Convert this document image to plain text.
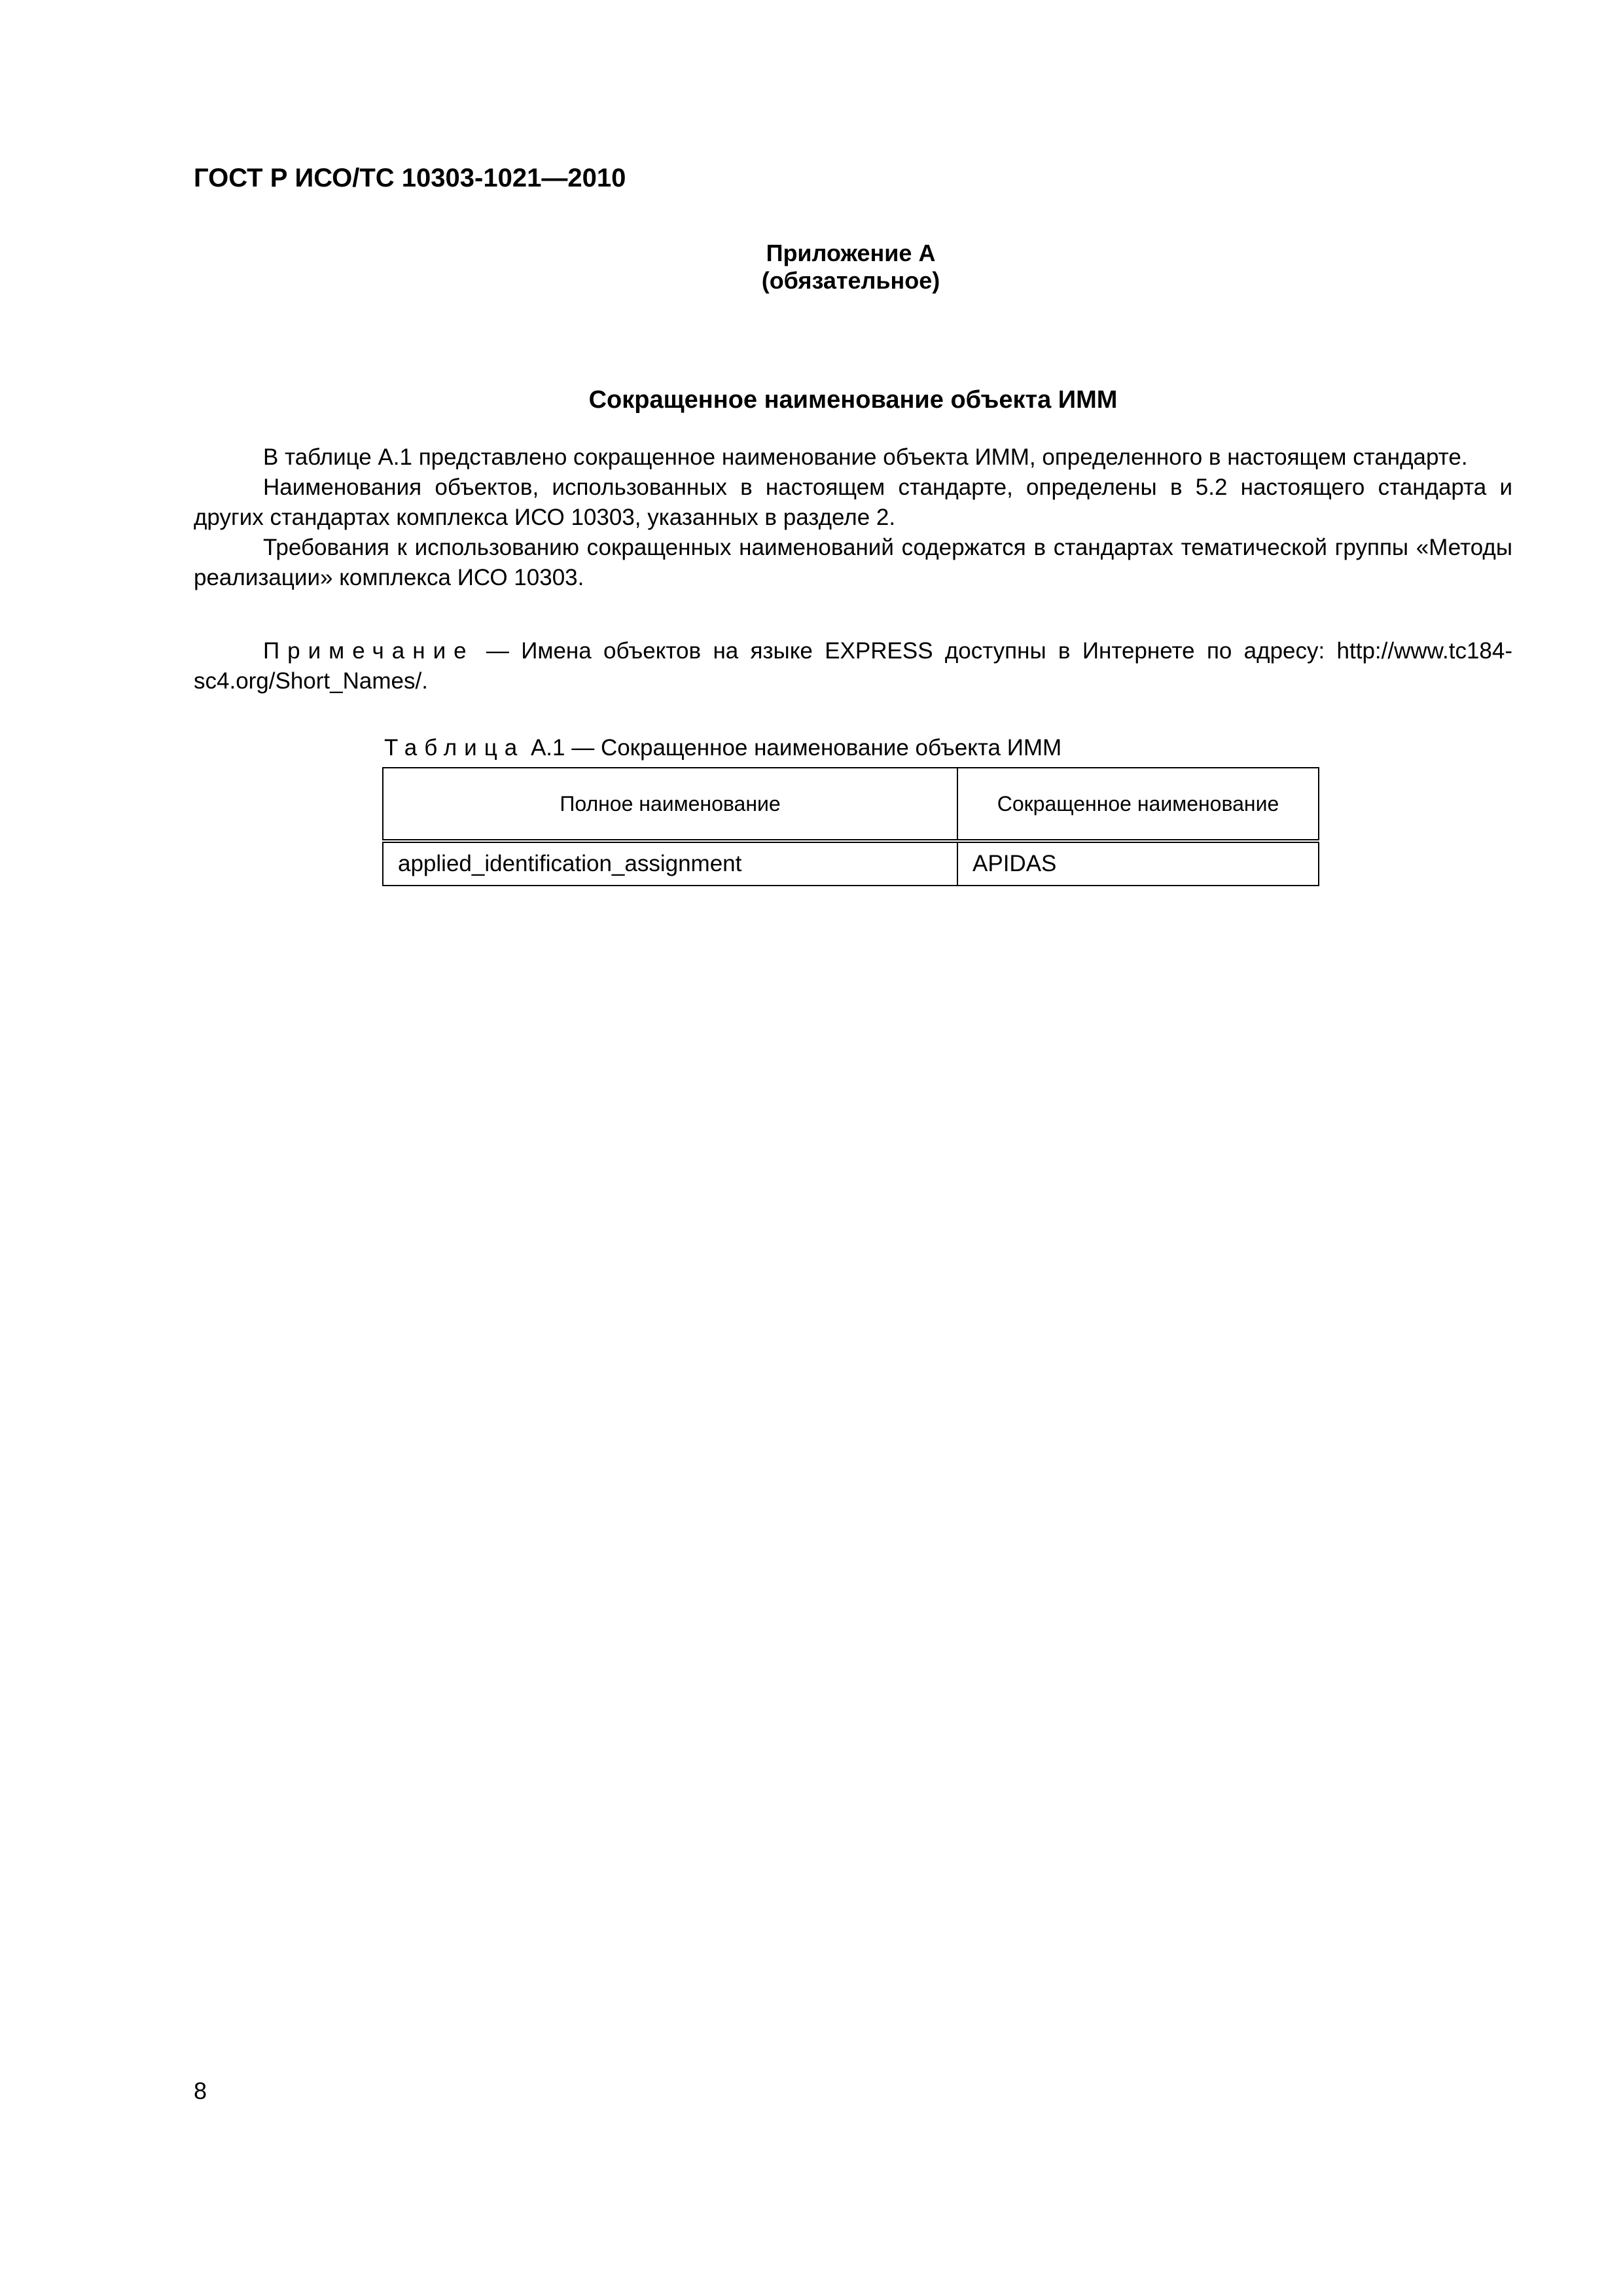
ГОСТ Р ИСО/ТС 10303-1021—2010
Приложение А
(обязательное)
Сокращенное наименование объекта ИММ

В таблице А.1 представлено сокращенное наименование объекта ИММ, определенного в настоящем стандарте.

Наименования объектов, использованных в настоящем стандарте, определены в 5.2 настоящего стандарта и других стандартах комплекса ИСО 10303, указанных в разделе 2.

Требования к использованию сокращенных наименований содержатся в стандартах тематической группы «Методы реализации» комплекса ИСО 10303.

Примечание — Имена объектов на языке EXPRESS доступны в Интернете по адресу: http://www.tc184-sc4.org/Short_Names/.

Таблица А.1 — Сокращенное наименование объекта ИММ
Полное наименование	Сокращенное наименование
applied_identification_assignment	APIDAS
8
